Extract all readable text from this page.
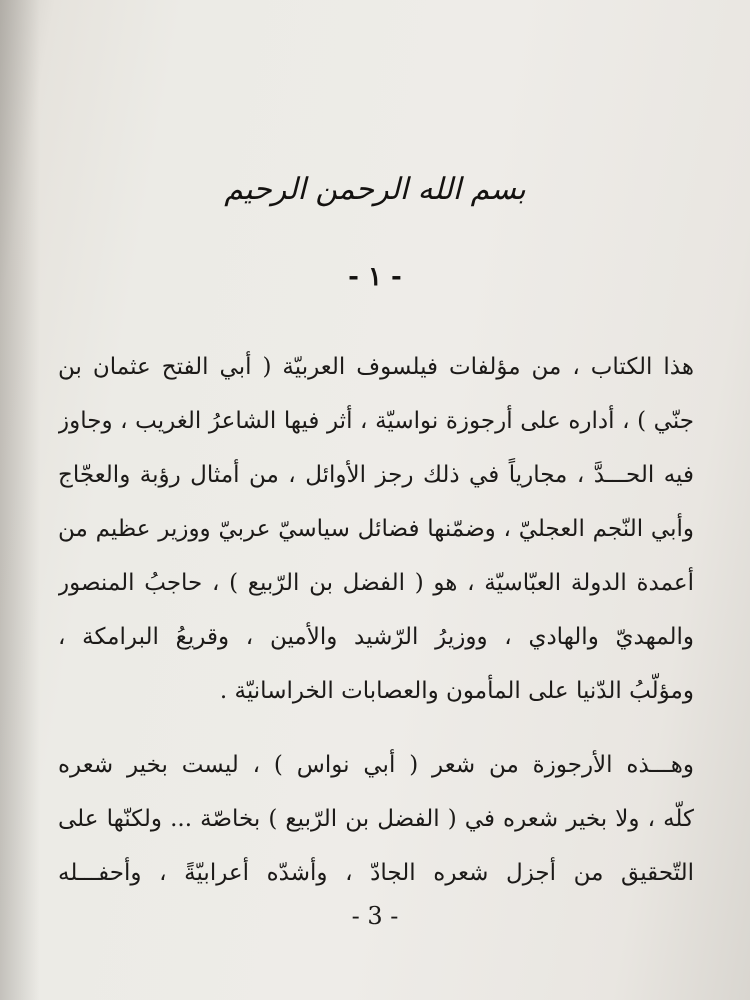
بسم الله الرحمن الرحيم
- ١ -
هذا الكتاب ، من مؤلفات فيلسوف العربيّة ( أبي الفتح عثمان بن
جنّي ) ، أداره على أرجوزة نواسيّة ، أثر فيها الشاعرُ الغريب ، وجاوز
فيه الحـــدَّ ، مجارياً في ذلك رجز الأوائل ، من أمثال رؤبة والعجّاج
وأبي النّجم العجليّ ، وضمّنها فضائل سياسيّ عربيّ ووزير عظيم من
أعمدة الدولة العبّاسيّة ، هو ( الفضل بن الرّبيع ) ، حاجبُ المنصور
والمهديّ والهادي ، ووزيرُ الرّشيد والأمين ، وقريعُ البرامكة ،
ومؤلّبُ الدّنيا على المأمون والعصابات الخراسانيّة .
وهـــذه الأرجوزة من شعر ( أبي نواس ) ، ليست بخير شعره
كلّه ، ولا بخير شعره في ( الفضل بن الرّبيع ) بخاصّة ... ولكنّها على
التّحقيق من أجزل شعره الجادّ ، وأشدّه أعرابيّةً ، وأحفـــله
- 3 -
